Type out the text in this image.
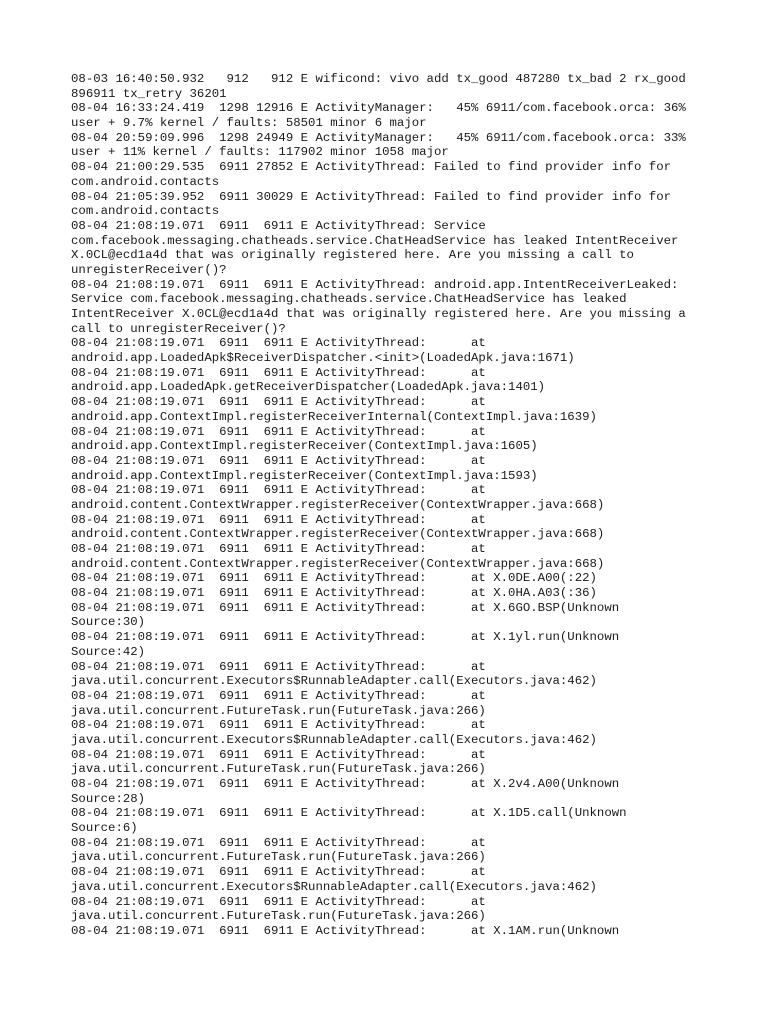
08-03 16:40:50.932   912   912 E wificond: vivo add tx_good 487280 tx_bad 2 rx_good
896911 tx_retry 36201
08-04 16:33:24.419  1298 12916 E ActivityManager:   45% 6911/com.facebook.orca: 36%
user + 9.7% kernel / faults: 58501 minor 6 major
08-04 20:59:09.996  1298 24949 E ActivityManager:   45% 6911/com.facebook.orca: 33%
user + 11% kernel / faults: 117902 minor 1058 major
08-04 21:00:29.535  6911 27852 E ActivityThread: Failed to find provider info for
com.android.contacts
08-04 21:05:39.952  6911 30029 E ActivityThread: Failed to find provider info for
com.android.contacts
08-04 21:08:19.071  6911  6911 E ActivityThread: Service
com.facebook.messaging.chatheads.service.ChatHeadService has leaked IntentReceiver
X.0CL@ecd1a4d that was originally registered here. Are you missing a call to
unregisterReceiver()?
08-04 21:08:19.071  6911  6911 E ActivityThread: android.app.IntentReceiverLeaked:
Service com.facebook.messaging.chatheads.service.ChatHeadService has leaked
IntentReceiver X.0CL@ecd1a4d that was originally registered here. Are you missing a
call to unregisterReceiver()?
08-04 21:08:19.071  6911  6911 E ActivityThread:      at
android.app.LoadedApk$ReceiverDispatcher.<init>(LoadedApk.java:1671)
08-04 21:08:19.071  6911  6911 E ActivityThread:      at
android.app.LoadedApk.getReceiverDispatcher(LoadedApk.java:1401)
08-04 21:08:19.071  6911  6911 E ActivityThread:      at
android.app.ContextImpl.registerReceiverInternal(ContextImpl.java:1639)
08-04 21:08:19.071  6911  6911 E ActivityThread:      at
android.app.ContextImpl.registerReceiver(ContextImpl.java:1605)
08-04 21:08:19.071  6911  6911 E ActivityThread:      at
android.app.ContextImpl.registerReceiver(ContextImpl.java:1593)
08-04 21:08:19.071  6911  6911 E ActivityThread:      at
android.content.ContextWrapper.registerReceiver(ContextWrapper.java:668)
08-04 21:08:19.071  6911  6911 E ActivityThread:      at
android.content.ContextWrapper.registerReceiver(ContextWrapper.java:668)
08-04 21:08:19.071  6911  6911 E ActivityThread:      at
android.content.ContextWrapper.registerReceiver(ContextWrapper.java:668)
08-04 21:08:19.071  6911  6911 E ActivityThread:      at X.0DE.A00(:22)
08-04 21:08:19.071  6911  6911 E ActivityThread:      at X.0HA.A03(:36)
08-04 21:08:19.071  6911  6911 E ActivityThread:      at X.6GO.BSP(Unknown
Source:30)
08-04 21:08:19.071  6911  6911 E ActivityThread:      at X.1yl.run(Unknown
Source:42)
08-04 21:08:19.071  6911  6911 E ActivityThread:      at
java.util.concurrent.Executors$RunnableAdapter.call(Executors.java:462)
08-04 21:08:19.071  6911  6911 E ActivityThread:      at
java.util.concurrent.FutureTask.run(FutureTask.java:266)
08-04 21:08:19.071  6911  6911 E ActivityThread:      at
java.util.concurrent.Executors$RunnableAdapter.call(Executors.java:462)
08-04 21:08:19.071  6911  6911 E ActivityThread:      at
java.util.concurrent.FutureTask.run(FutureTask.java:266)
08-04 21:08:19.071  6911  6911 E ActivityThread:      at X.2v4.A00(Unknown
Source:28)
08-04 21:08:19.071  6911  6911 E ActivityThread:      at X.1D5.call(Unknown
Source:6)
08-04 21:08:19.071  6911  6911 E ActivityThread:      at
java.util.concurrent.FutureTask.run(FutureTask.java:266)
08-04 21:08:19.071  6911  6911 E ActivityThread:      at
java.util.concurrent.Executors$RunnableAdapter.call(Executors.java:462)
08-04 21:08:19.071  6911  6911 E ActivityThread:      at
java.util.concurrent.FutureTask.run(FutureTask.java:266)
08-04 21:08:19.071  6911  6911 E ActivityThread:      at X.1AM.run(Unknown
